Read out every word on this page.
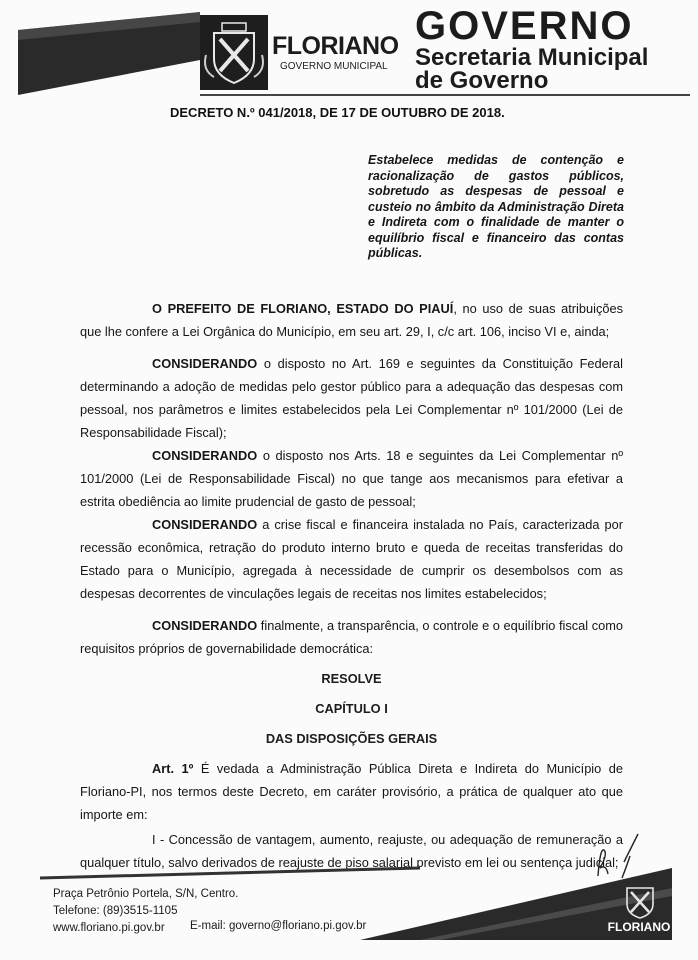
FLORIANO
GOVERNO MUNICIPAL
GOVERNO
Secretaria Municipal
de Governo
DECRETO N.º 041/2018, DE 17 DE OUTUBRO DE 2018.
Estabelece medidas de contenção e racionalização de gastos públicos, sobretudo as despesas de pessoal e custeio no âmbito da Administração Direta e Indireta com o finalidade de manter o equilíbrio fiscal e financeiro das contas públicas.

O PREFEITO DE FLORIANO, ESTADO DO PIAUÍ, no uso de suas atribuições que lhe confere a Lei Orgânica do Município, em seu art. 29, I, c/c art. 106, inciso VI e, ainda;

CONSIDERANDO o disposto no Art. 169 e seguintes da Constituição Federal determinando a adoção de medidas pelo gestor público para a adequação das despesas com pessoal, nos parâmetros e limites estabelecidos pela Lei Complementar nº 101/2000 (Lei de Responsabilidade Fiscal);

CONSIDERANDO o disposto nos Arts. 18 e seguintes da Lei Complementar nº 101/2000 (Lei de Responsabilidade Fiscal) no que tange aos mecanismos para efetivar a estrita obediência ao limite prudencial de gasto de pessoal;

CONSIDERANDO a crise fiscal e financeira instalada no País, caracterizada por recessão econômica, retração do produto interno bruto e queda de receitas transferidas do Estado para o Município, agregada à necessidade de cumprir os desembolsos com as despesas decorrentes de vinculações legais de receitas nos limites estabelecidos;

CONSIDERANDO finalmente, a transparência, o controle e o equilíbrio fiscal como requisitos próprios de governabilidade democrática:

RESOLVE

CAPÍTULO I

DAS DISPOSIÇÕES GERAIS

Art. 1º É vedada a Administração Pública Direta e Indireta do Município de Floriano-PI, nos termos deste Decreto, em caráter provisório, a prática de qualquer ato que importe em:

I - Concessão de vantagem, aumento, reajuste, ou adequação de remuneração a qualquer título, salvo derivados de reajuste de piso salarial previsto em lei ou sentença judicial;

Praça Petrônio Portela, S/N, Centro.
Telefone: (89)3515-1105
www.floriano.pi.gov.br	E-mail: governo@floriano.pi.gov.br	FLORIANO
